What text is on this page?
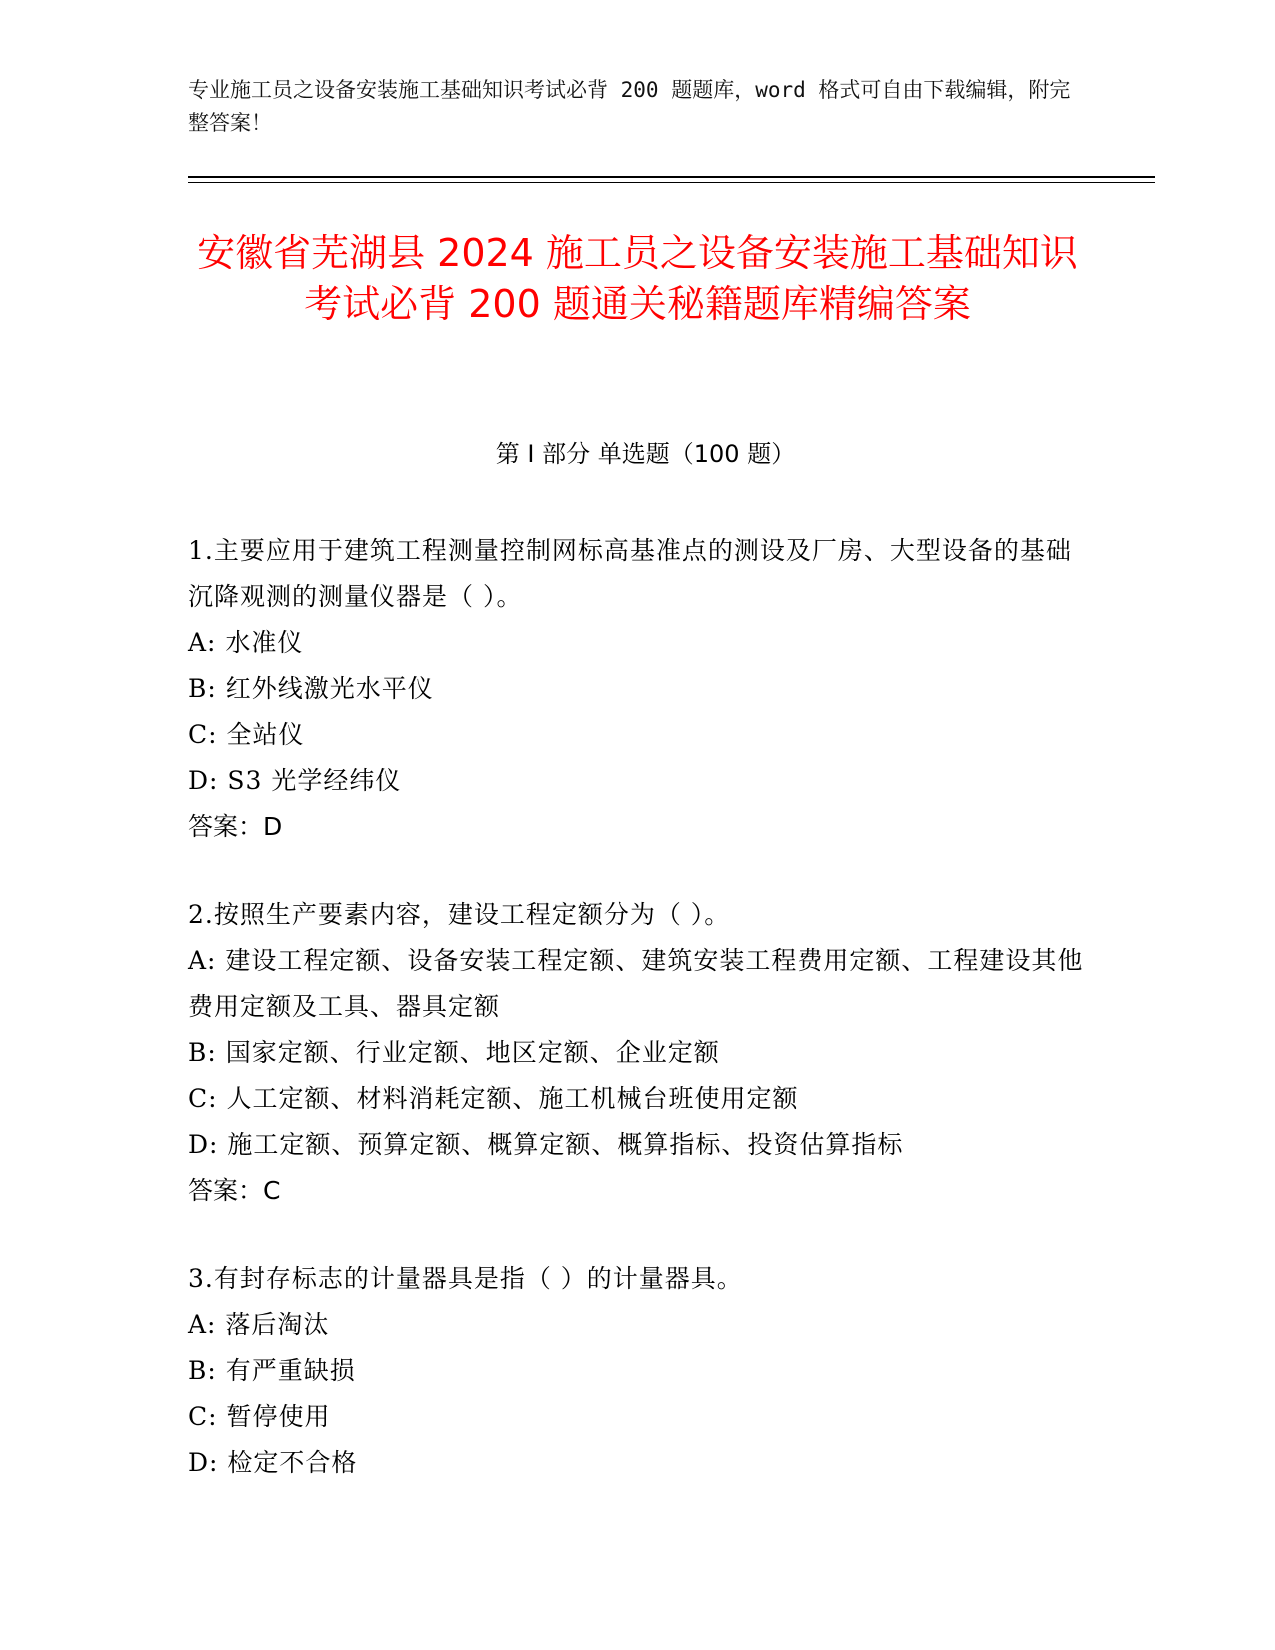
专业施工员之设备安装施工基础知识考试必背 200 题题库，word 格式可自由下载编辑，附完整答案！
安徽省芜湖县 2024 施工员之设备安装施工基础知识考试必背 200 题通关秘籍题库精编答案
第 I 部分 单选题（100 题）

1.主要应用于建筑工程测量控制网标高基准点的测设及厂房、大型设备的基础沉降观测的测量仪器是（ ）。

A: 水准仪

B: 红外线激光水平仪

C: 全站仪

D: S3 光学经纬仪

答案：D

2.按照生产要素内容，建设工程定额分为（ ）。

A: 建设工程定额、设备安装工程定额、建筑安装工程费用定额、工程建设其他费用定额及工具、器具定额

B: 国家定额、行业定额、地区定额、企业定额

C: 人工定额、材料消耗定额、施工机械台班使用定额

D: 施工定额、预算定额、概算定额、概算指标、投资估算指标

答案：C

3.有封存标志的计量器具是指（ ）的计量器具。

A: 落后淘汰

B: 有严重缺损

C: 暂停使用

D: 检定不合格
